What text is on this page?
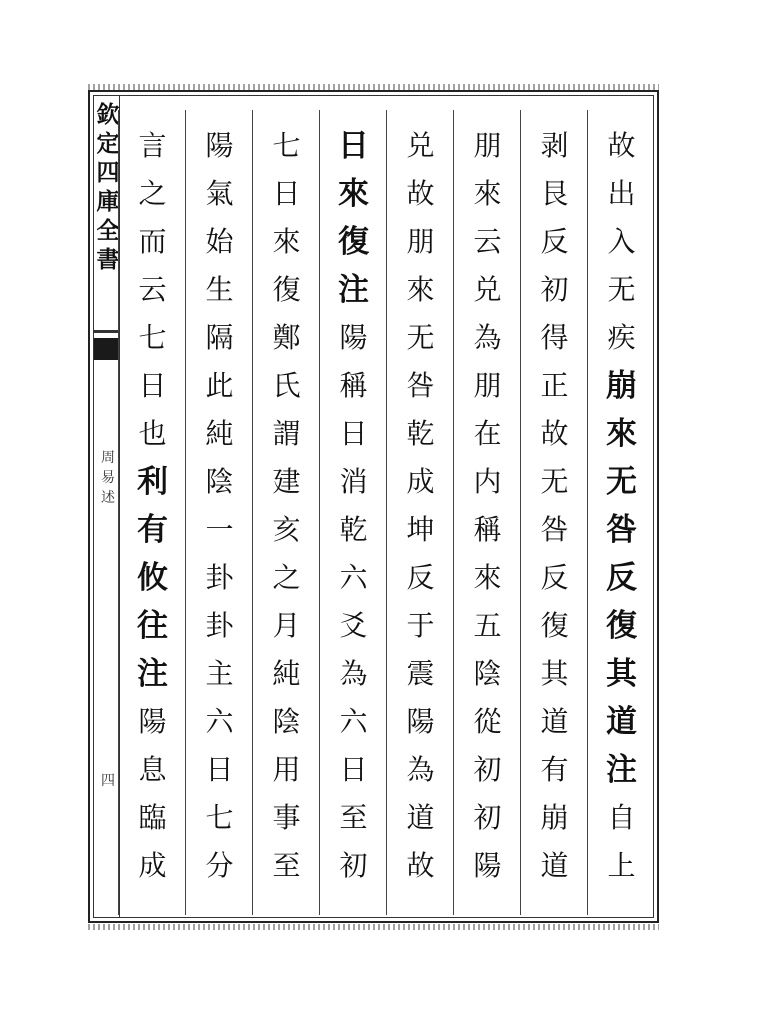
欽
定
四
庫
全
書
周
易
述
四
故
出
入
无
疾
崩
來
无
咎
反
復
其
道
注
自
上
剥
艮
反
初
得
正
故
无
咎
反
復
其
道
有
崩
道
朋
來
云
兑
為
朋
在
内
稱
來
五
陰
從
初
初
陽
兑
故
朋
來
无
咎
乾
成
坤
反
于
震
陽
為
道
故
日
來
復
注
陽
稱
日
消
乾
六
爻
為
六
日
至
初
七
日
來
復
鄭
氏
謂
建
亥
之
月
純
陰
用
事
至
陽
氣
始
生
隔
此
純
陰
一
卦
卦
主
六
日
七
分
言
之
而
云
七
日
也
利
有
攸
往
注
陽
息
臨
成
